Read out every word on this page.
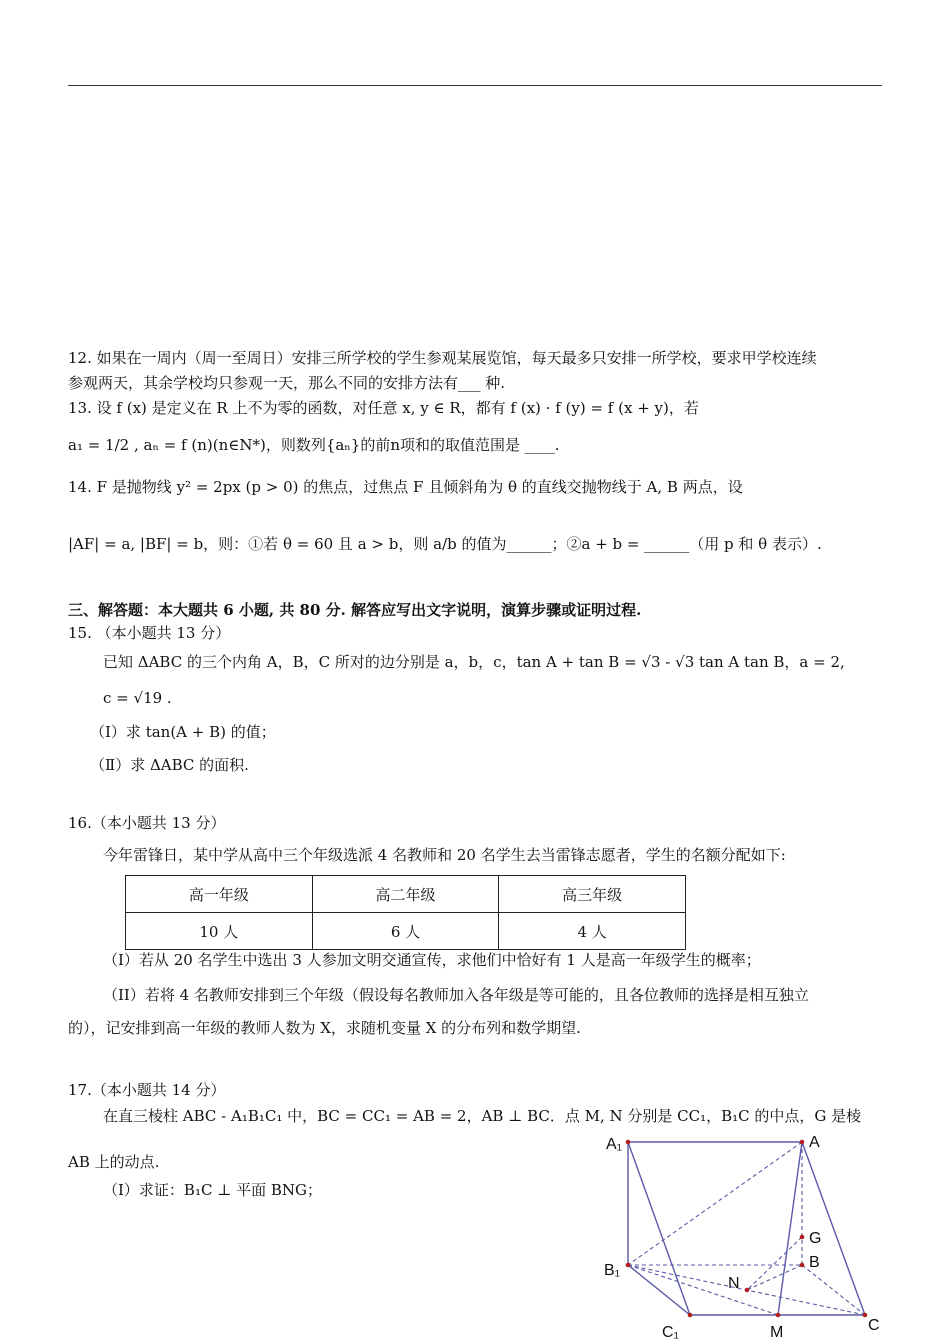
12. 如果在一周内（周一至周日）安排三所学校的学生参观某展览馆，每天最多只安排一所学校，要求甲学校连续
参观两天，其余学校均只参观一天，那么不同的安排方法有___ 种.
13. 设 f (x) 是定义在 R 上不为零的函数，对任意 x, y ∈ R，都有 f (x) · f (y) = f (x + y)，若
a₁ = 1/2 , aₙ = f (n)(n∈N*)，则数列{aₙ}的前n项和的取值范围是 ____.
14. F 是抛物线 y² = 2px (p > 0) 的焦点，过焦点 F 且倾斜角为 θ 的直线交抛物线于 A, B 两点，设
|AF| = a, |BF| = b，则：①若 θ = 60 且 a > b，则 a/b 的值为______；②a + b = ______（用 p 和 θ 表示）.
三、解答题：本大题共 6 小题, 共 80 分. 解答应写出文字说明，演算步骤或证明过程.
15. （本小题共 13 分）
已知 ΔABC 的三个内角 A，B，C 所对的边分别是 a，b，c，tan A + tan B = √3 - √3 tan A tan B，a = 2,
c = √19 .
（Ⅰ）求 tan(A + B) 的值；
（Ⅱ）求 ΔABC 的面积.
16.（本小题共 13 分）
今年雷锋日，某中学从高中三个年级选派 4 名教师和 20 名学生去当雷锋志愿者，学生的名额分配如下:
高一年级	高二年级	高三年级
10 人	6 人	4 人
（I）若从 20 名学生中选出 3 人参加文明交通宣传，求他们中恰好有 1 人是高一年级学生的概率；
（II）若将 4 名教师安排到三个年级（假设每名教师加入各年级是等可能的，且各位教师的选择是相互独立
的），记安排到高一年级的教师人数为 X，求随机变量 X 的分布列和数学期望.
17.（本小题共 14 分）
在直三棱柱 ABC - A₁B₁C₁ 中，BC = CC₁ = AB = 2，AB ⊥ BC．点 M, N 分别是 CC₁，B₁C 的中点，G 是棱
AB 上的动点.
（I）求证：B₁C ⊥ 平面 BNG；
A₁	A
G
B
B₁
N
C₁	M	C
